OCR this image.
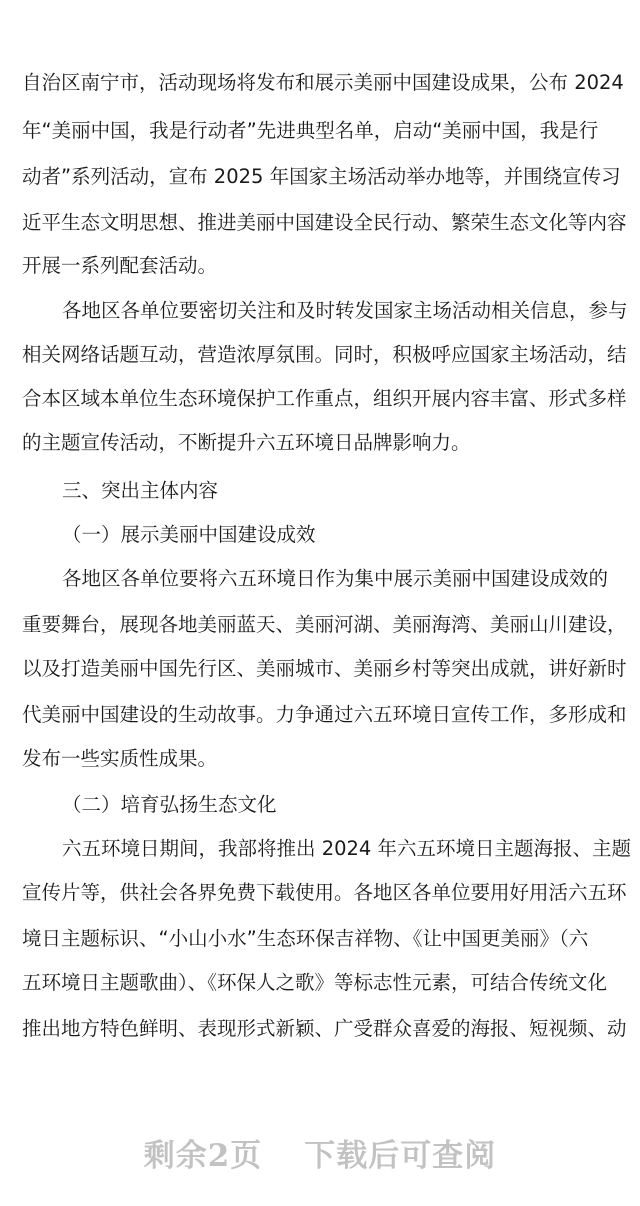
自治区南宁市，活动现场将发布和展示美丽中国建设成果，公布 2024

年“美丽中国，我是行动者”先进典型名单，启动“美丽中国，我是行

动者”系列活动，宣布 2025 年国家主场活动举办地等，并围绕宣传习

近平生态文明思想、推进美丽中国建设全民行动、繁荣生态文化等内容

开展一系列配套活动。

各地区各单位要密切关注和及时转发国家主场活动相关信息，参与

相关网络话题互动，营造浓厚氛围。同时，积极呼应国家主场活动，结

合本区域本单位生态环境保护工作重点，组织开展内容丰富、形式多样

的主题宣传活动，不断提升六五环境日品牌影响力。

三、突出主体内容

（一）展示美丽中国建设成效

各地区各单位要将六五环境日作为集中展示美丽中国建设成效的

重要舞台，展现各地美丽蓝天、美丽河湖、美丽海湾、美丽山川建设，

以及打造美丽中国先行区、美丽城市、美丽乡村等突出成就，讲好新时

代美丽中国建设的生动故事。力争通过六五环境日宣传工作，多形成和

发布一些实质性成果。

（二）培育弘扬生态文化

六五环境日期间，我部将推出 2024 年六五环境日主题海报、主题

宣传片等，供社会各界免费下载使用。各地区各单位要用好用活六五环

境日主题标识、“小山小水”生态环保吉祥物、《让中国更美丽》（六

五环境日主题歌曲）、《环保人之歌》等标志性元素，可结合传统文化

推出地方特色鲜明、表现形式新颖、广受群众喜爱的海报、短视频、动

剩余2页 下载后可查阅
